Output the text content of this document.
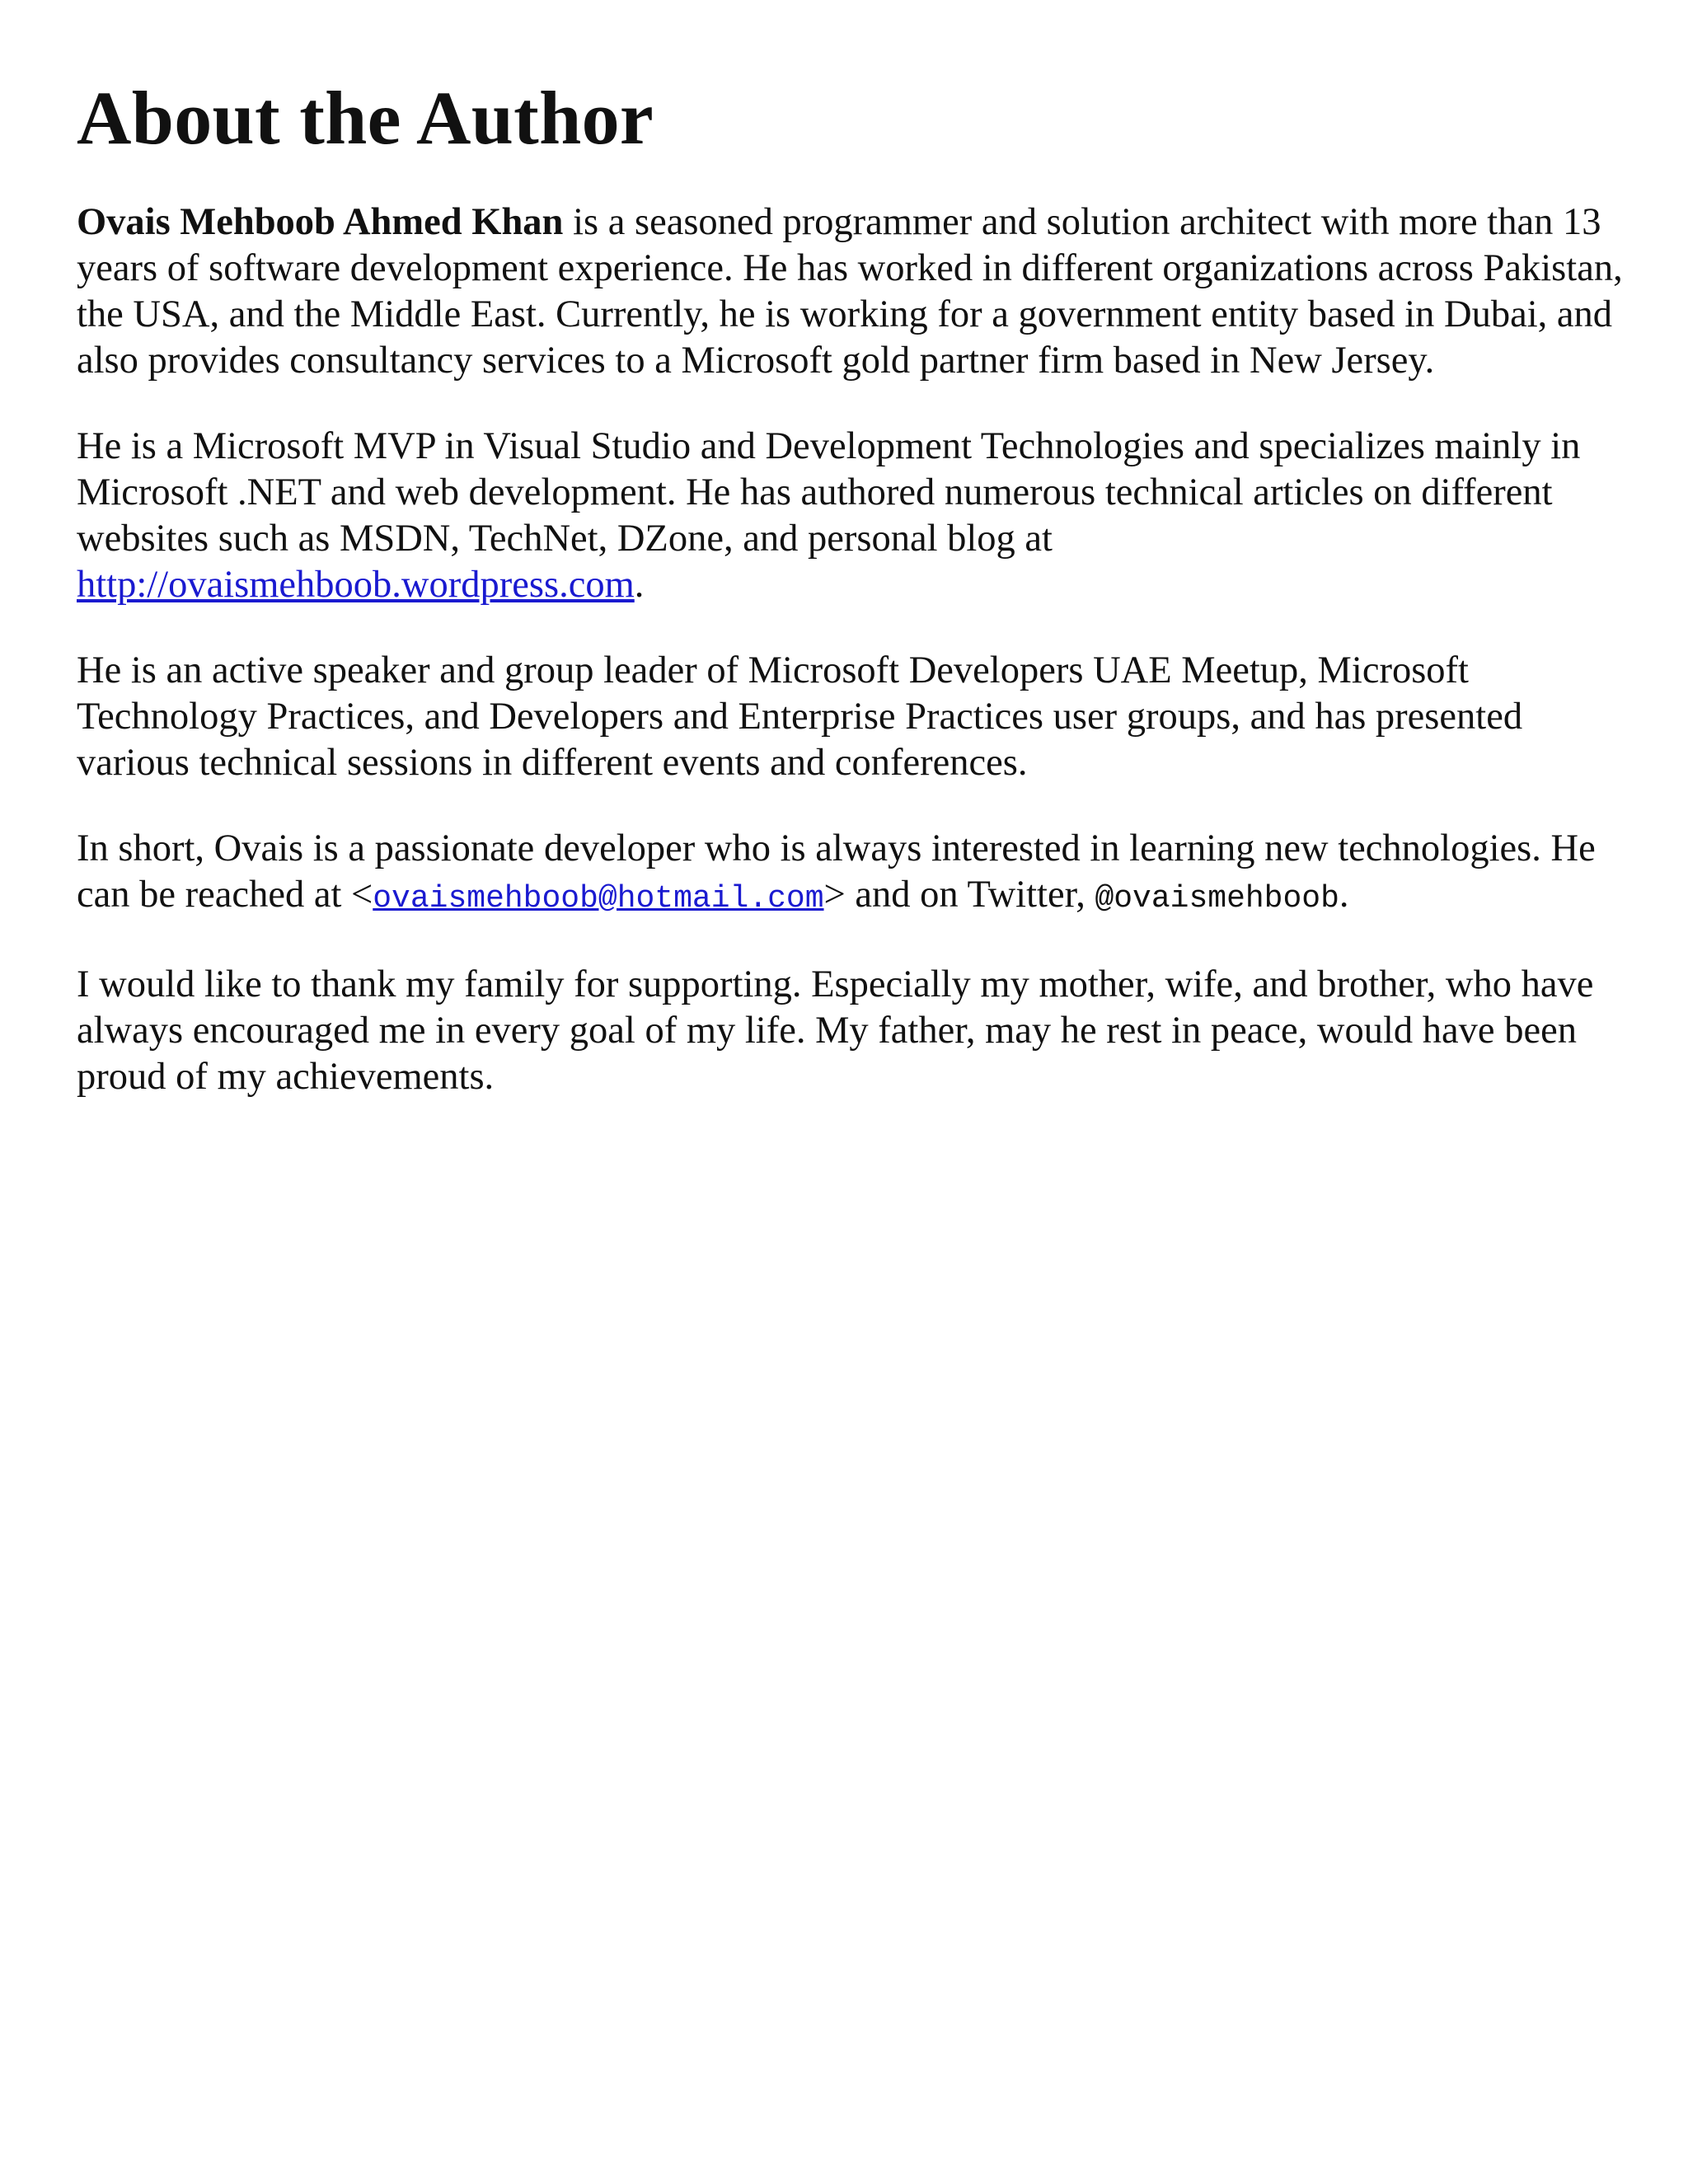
About the Author

Ovais Mehboob Ahmed Khan is a seasoned programmer and solution architect with more than 13 years of software development experience. He has worked in different organizations across Pakistan, the USA, and the Middle East. Currently, he is working for a government entity based in Dubai, and also provides consultancy services to a Microsoft gold partner firm based in New Jersey.

He is a Microsoft MVP in Visual Studio and Development Technologies and specializes mainly in Microsoft .NET and web development. He has authored numerous technical articles on different websites such as MSDN, TechNet, DZone, and personal blog at http://ovaismehboob.wordpress.com.

He is an active speaker and group leader of Microsoft Developers UAE Meetup, Microsoft Technology Practices, and Developers and Enterprise Practices user groups, and has presented various technical sessions in different events and conferences.

In short, Ovais is a passionate developer who is always interested in learning new technologies. He can be reached at <ovaismehboob@hotmail.com> and on Twitter, @ovaismehboob.

I would like to thank my family for supporting. Especially my mother, wife, and brother, who have always encouraged me in every goal of my life. My father, may he rest in peace, would have been proud of my achievements.
